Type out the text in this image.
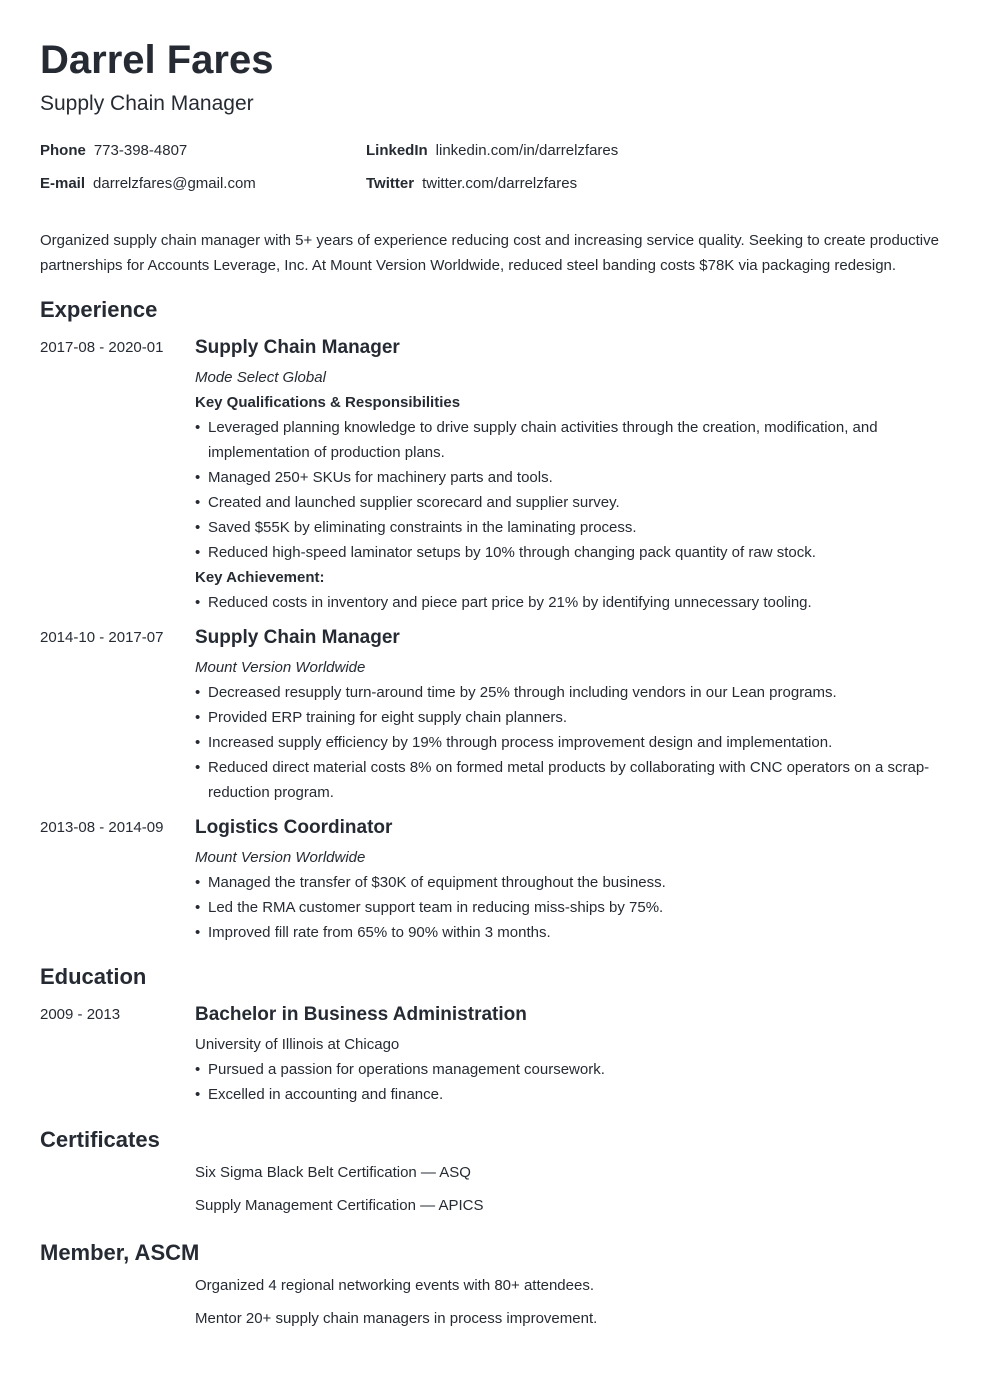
Darrel Fares
Supply Chain Manager
Phone 773-398-4807
E-mail darrelzfares@gmail.com
LinkedIn linkedin.com/in/darrelzfares
Twitter twitter.com/darrelzfares
Organized supply chain manager with 5+ years of experience reducing cost and increasing service quality. Seeking to create productive partnerships for Accounts Leverage, Inc. At Mount Version Worldwide, reduced steel banding costs $78K via packaging redesign.
Experience
2017-08 - 2020-01 Supply Chain Manager
Mode Select Global
Key Qualifications & Responsibilities
• Leveraged planning knowledge to drive supply chain activities through the creation, modification, and implementation of production plans.
• Managed 250+ SKUs for machinery parts and tools.
• Created and launched supplier scorecard and supplier survey.
• Saved $55K by eliminating constraints in the laminating process.
• Reduced high-speed laminator setups by 10% through changing pack quantity of raw stock.
Key Achievement:
• Reduced costs in inventory and piece part price by 21% by identifying unnecessary tooling.
2014-10 - 2017-07 Supply Chain Manager
Mount Version Worldwide
• Decreased resupply turn-around time by 25% through including vendors in our Lean programs.
• Provided ERP training for eight supply chain planners.
• Increased supply efficiency by 19% through process improvement design and implementation.
• Reduced direct material costs 8% on formed metal products by collaborating with CNC operators on a scrap-reduction program.
2013-08 - 2014-09 Logistics Coordinator
Mount Version Worldwide
• Managed the transfer of $30K of equipment throughout the business.
• Led the RMA customer support team in reducing miss-ships by 75%.
• Improved fill rate from 65% to 90% within 3 months.
Education
2009 - 2013	Bachelor in Business Administration
University of Illinois at Chicago
• Pursued a passion for operations management coursework.
• Excelled in accounting and finance.
Certificates
Six Sigma Black Belt Certification — ASQ
Supply Management Certification — APICS
Member, ASCM
Organized 4 regional networking events with 80+ attendees.
Mentor 20+ supply chain managers in process improvement.
